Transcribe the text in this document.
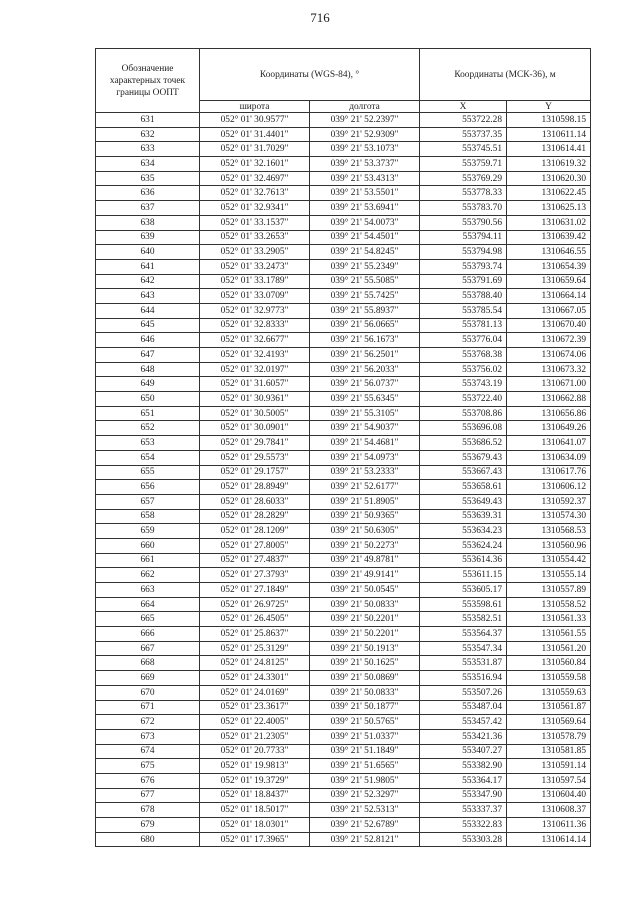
716
Обозначение характерных точек границы ООПТ	Координаты (WGS-84), °		Координаты (МСК-36), м	
	широта	долгота	X	Y
631	052° 01' 30.9577"	039° 21' 52.2397"	553722.28	1310598.15
632	052° 01' 31.4401"	039° 21' 52.9309"	553737.35	1310611.14
633	052° 01' 31.7029"	039° 21' 53.1073"	553745.51	1310614.41
634	052° 01' 32.1601"	039° 21' 53.3737"	553759.71	1310619.32
635	052° 01' 32.4697"	039° 21' 53.4313"	553769.29	1310620.30
636	052° 01' 32.7613"	039° 21' 53.5501"	553778.33	1310622.45
637	052° 01' 32.9341"	039° 21' 53.6941"	553783.70	1310625.13
638	052° 01' 33.1537"	039° 21' 54.0073"	553790.56	1310631.02
639	052° 01' 33.2653"	039° 21' 54.4501"	553794.11	1310639.42
640	052° 01' 33.2905"	039° 21' 54.8245"	553794.98	1310646.55
641	052° 01' 33.2473"	039° 21' 55.2349"	553793.74	1310654.39
642	052° 01' 33.1789"	039° 21' 55.5085"	553791.69	1310659.64
643	052° 01' 33.0709"	039° 21' 55.7425"	553788.40	1310664.14
644	052° 01' 32.9773"	039° 21' 55.8937"	553785.54	1310667.05
645	052° 01' 32.8333"	039° 21' 56.0665"	553781.13	1310670.40
646	052° 01' 32.6677"	039° 21' 56.1673"	553776.04	1310672.39
647	052° 01' 32.4193"	039° 21' 56.2501"	553768.38	1310674.06
648	052° 01' 32.0197"	039° 21' 56.2033"	553756.02	1310673.32
649	052° 01' 31.6057"	039° 21' 56.0737"	553743.19	1310671.00
650	052° 01' 30.9361"	039° 21' 55.6345"	553722.40	1310662.88
651	052° 01' 30.5005"	039° 21' 55.3105"	553708.86	1310656.86
652	052° 01' 30.0901"	039° 21' 54.9037"	553696.08	1310649.26
653	052° 01' 29.7841"	039° 21' 54.4681"	553686.52	1310641.07
654	052° 01' 29.5573"	039° 21' 54.0973"	553679.43	1310634.09
655	052° 01' 29.1757"	039° 21' 53.2333"	553667.43	1310617.76
656	052° 01' 28.8949"	039° 21' 52.6177"	553658.61	1310606.12
657	052° 01' 28.6033"	039° 21' 51.8905"	553649.43	1310592.37
658	052° 01' 28.2829"	039° 21' 50.9365"	553639.31	1310574.30
659	052° 01' 28.1209"	039° 21' 50.6305"	553634.23	1310568.53
660	052° 01' 27.8005"	039° 21' 50.2273"	553624.24	1310560.96
661	052° 01' 27.4837"	039° 21' 49.8781"	553614.36	1310554.42
662	052° 01' 27.3793"	039° 21' 49.9141"	553611.15	1310555.14
663	052° 01' 27.1849"	039° 21' 50.0545"	553605.17	1310557.89
664	052° 01' 26.9725"	039° 21' 50.0833"	553598.61	1310558.52
665	052° 01' 26.4505"	039° 21' 50.2201"	553582.51	1310561.33
666	052° 01' 25.8637"	039° 21' 50.2201"	553564.37	1310561.55
667	052° 01' 25.3129"	039° 21' 50.1913"	553547.34	1310561.20
668	052° 01' 24.8125"	039° 21' 50.1625"	553531.87	1310560.84
669	052° 01' 24.3301"	039° 21' 50.0869"	553516.94	1310559.58
670	052° 01' 24.0169"	039° 21' 50.0833"	553507.26	1310559.63
671	052° 01' 23.3617"	039° 21' 50.1877"	553487.04	1310561.87
672	052° 01' 22.4005"	039° 21' 50.5765"	553457.42	1310569.64
673	052° 01' 21.2305"	039° 21' 51.0337"	553421.36	1310578.79
674	052° 01' 20.7733"	039° 21' 51.1849"	553407.27	1310581.85
675	052° 01' 19.9813"	039° 21' 51.6565"	553382.90	1310591.14
676	052° 01' 19.3729"	039° 21' 51.9805"	553364.17	1310597.54
677	052° 01' 18.8437"	039° 21' 52.3297"	553347.90	1310604.40
678	052° 01' 18.5017"	039° 21' 52.5313"	553337.37	1310608.37
679	052° 01' 18.0301"	039° 21' 52.6789"	553322.83	1310611.36
680	052° 01' 17.3965"	039° 21' 52.8121"	553303.28	1310614.14
